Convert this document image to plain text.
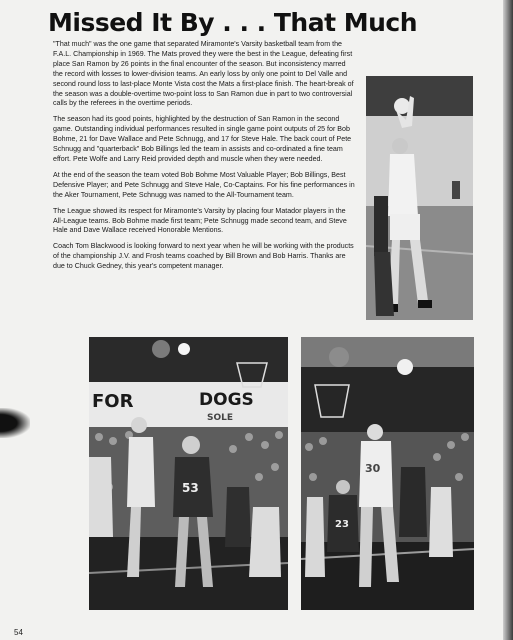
Missed It By . . . That Much

"That much" was the one game that separated Miramonte's Varsity basketball team from the F.A.L. Championship in 1969. The Mats proved they were the best in the League, defeating first place San Ramon by 26 points in the final encounter of the season. But inconsistency marred the record with losses to lower-division teams. An early loss by only one point to Del Valle and second round loss to last-place Monte Vista cost the Mats a first-place finish. The heart-break of the season was a double-overtime two-point loss to San Ramon due in part to two controversial calls by the referees in the overtime periods.

The season had its good points, highlighted by the destruction of San Ramon in the second game. Outstanding individual performances resulted in single game point outputs of 25 for Bob Bohme, 21 for Dave Wallace and Pete Schnugg, and 17 for Steve Hale. The back court of Pete Schnugg and "quarterback" Bob Billings led the team in assists and co-ordinated a fine team effort. Pete Wolfe and Larry Reid provided depth and muscle when they were needed.

At the end of the season the team voted Bob Bohme Most Valuable Player; Bob Billings, Best Defensive Player; and Pete Schnugg and Steve Hale, Co-Captains. For his fine performances in the Aker Tournament, Pete Schnugg was named to the All-Tournament team.

The League showed its respect for Miramonte's Varsity by placing four Matador players in the All-League teams. Bob Bohme made first team; Pete Schnugg made second team, and Steve Hale and Dave Wallace received Honorable Mentions.

Coach Tom Blackwood is looking forward to next year when he will be working with the products of the championship J.V. and Frosh teams coached by Bill Brown and Bob Harris. Thanks are due to Chuck Gedney, this year's competent manager.

FOR	DOGS
SOLE
53
30
23
54
